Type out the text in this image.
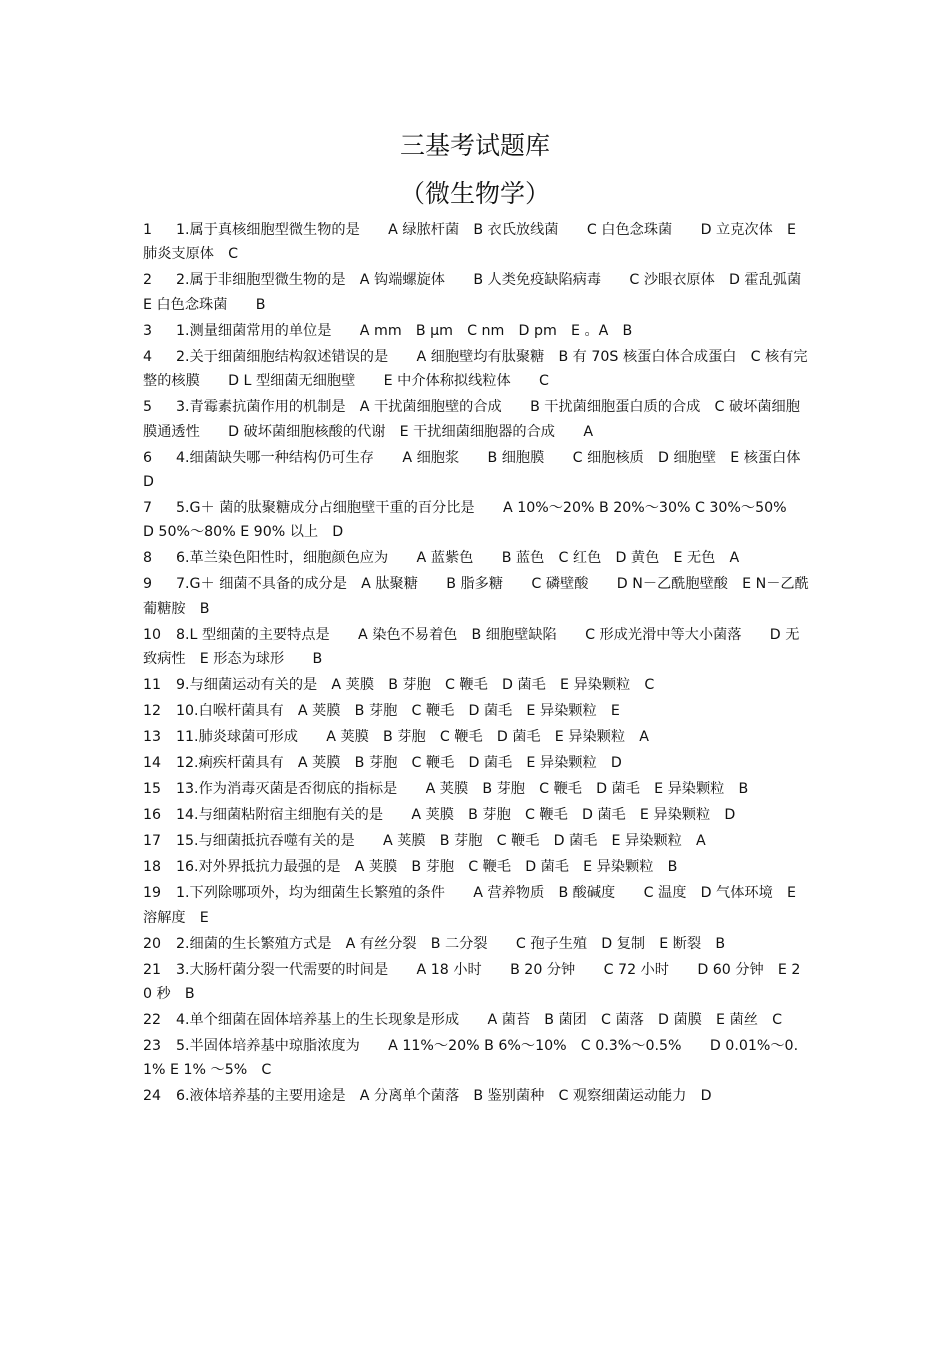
三基考试题库
（微生物学）
1 1.属于真核细胞型微生物的是　　A 绿脓杆菌　B 衣氏放线菌　　C 白色念珠菌　　D 立克次体　E 肺炎支原体　C
2 2.属于非细胞型微生物的是　A 钩端螺旋体　　B 人类免疫缺陷病毒　　C 沙眼衣原体　D 霍乱弧菌　E 白色念珠菌　　B
3 1.测量细菌常用的单位是　　A mm　B μm　C nm　D pm　E 。A　B
4 2.关于细菌细胞结构叙述错误的是　　A 细胞壁均有肽聚糖　B 有 70S 核蛋白体合成蛋白　C 核有完整的核膜　　D L 型细菌无细胞壁　　E 中介体称拟线粒体　　C
5 3.青霉素抗菌作用的机制是　A 干扰菌细胞壁的合成　　B 干扰菌细胞蛋白质的合成　C 破坏菌细胞膜通透性　　D 破坏菌细胞核酸的代谢　E 干扰细菌细胞器的合成　　A
6 4.细菌缺失哪一种结构仍可生存　　A 细胞浆　　B 细胞膜　　C 细胞核质　D 细胞壁　E 核蛋白体　D
7 5.G＋ 菌的肽聚糖成分占细胞壁干重的百分比是　　A 10%～20% B 20%～30% C 30%～50%　D 50%～80% E 90% 以上　D
8 6.革兰染色阳性时，细胞颜色应为　　A 蓝紫色　　B 蓝色　C 红色　D 黄色　E 无色　A
9 7.G＋ 细菌不具备的成分是　A 肽聚糖　　B 脂多糖　　C 磷壁酸　　D N－乙酰胞壁酸　E N－乙酰葡糖胺　B
10 8.L 型细菌的主要特点是　　A 染色不易着色　B 细胞壁缺陷　　C 形成光滑中等大小菌落　　D 无致病性　E 形态为球形　　B
11 9.与细菌运动有关的是　A 荚膜　B 芽胞　C 鞭毛　D 菌毛　E 异染颗粒　C
12 10.白喉杆菌具有　A 荚膜　B 芽胞　C 鞭毛　D 菌毛　E 异染颗粒　E
13 11.肺炎球菌可形成　　A 荚膜　B 芽胞　C 鞭毛　D 菌毛　E 异染颗粒　A
14 12.痢疾杆菌具有　A 荚膜　B 芽胞　C 鞭毛　D 菌毛　E 异染颗粒　D
15 13.作为消毒灭菌是否彻底的指标是　　A 荚膜　B 芽胞　C 鞭毛　D 菌毛　E 异染颗粒　B
16 14.与细菌粘附宿主细胞有关的是　　A 荚膜　B 芽胞　C 鞭毛　D 菌毛　E 异染颗粒　D
17 15.与细菌抵抗吞噬有关的是　　A 荚膜　B 芽胞　C 鞭毛　D 菌毛　E 异染颗粒　A
18 16.对外界抵抗力最强的是　A 荚膜　B 芽胞　C 鞭毛　D 菌毛　E 异染颗粒　B
19 1.下列除哪项外，均为细菌生长繁殖的条件　　A 营养物质　B 酸碱度　　C 温度　D 气体环境　E 溶解度　E
20 2.细菌的生长繁殖方式是　A 有丝分裂　B 二分裂　　C 孢子生殖　D 复制　E 断裂　B
21 3.大肠杆菌分裂一代需要的时间是　　A 18 小时　　B 20 分钟　　C 72 小时　　D 60 分钟　E 20 秒　B
22 4.单个细菌在固体培养基上的生长现象是形成　　A 菌苔　B 菌团　C 菌落　D 菌膜　E 菌丝　C
23 5.半固体培养基中琼脂浓度为　　A 11%～20% B 6%～10%　C 0.3%～0.5%　　D 0.01%～0.1% E 1% ～5%　C
24 6.液体培养基的主要用途是　A 分离单个菌落　B 鉴别菌种　C 观察细菌运动能力　D
